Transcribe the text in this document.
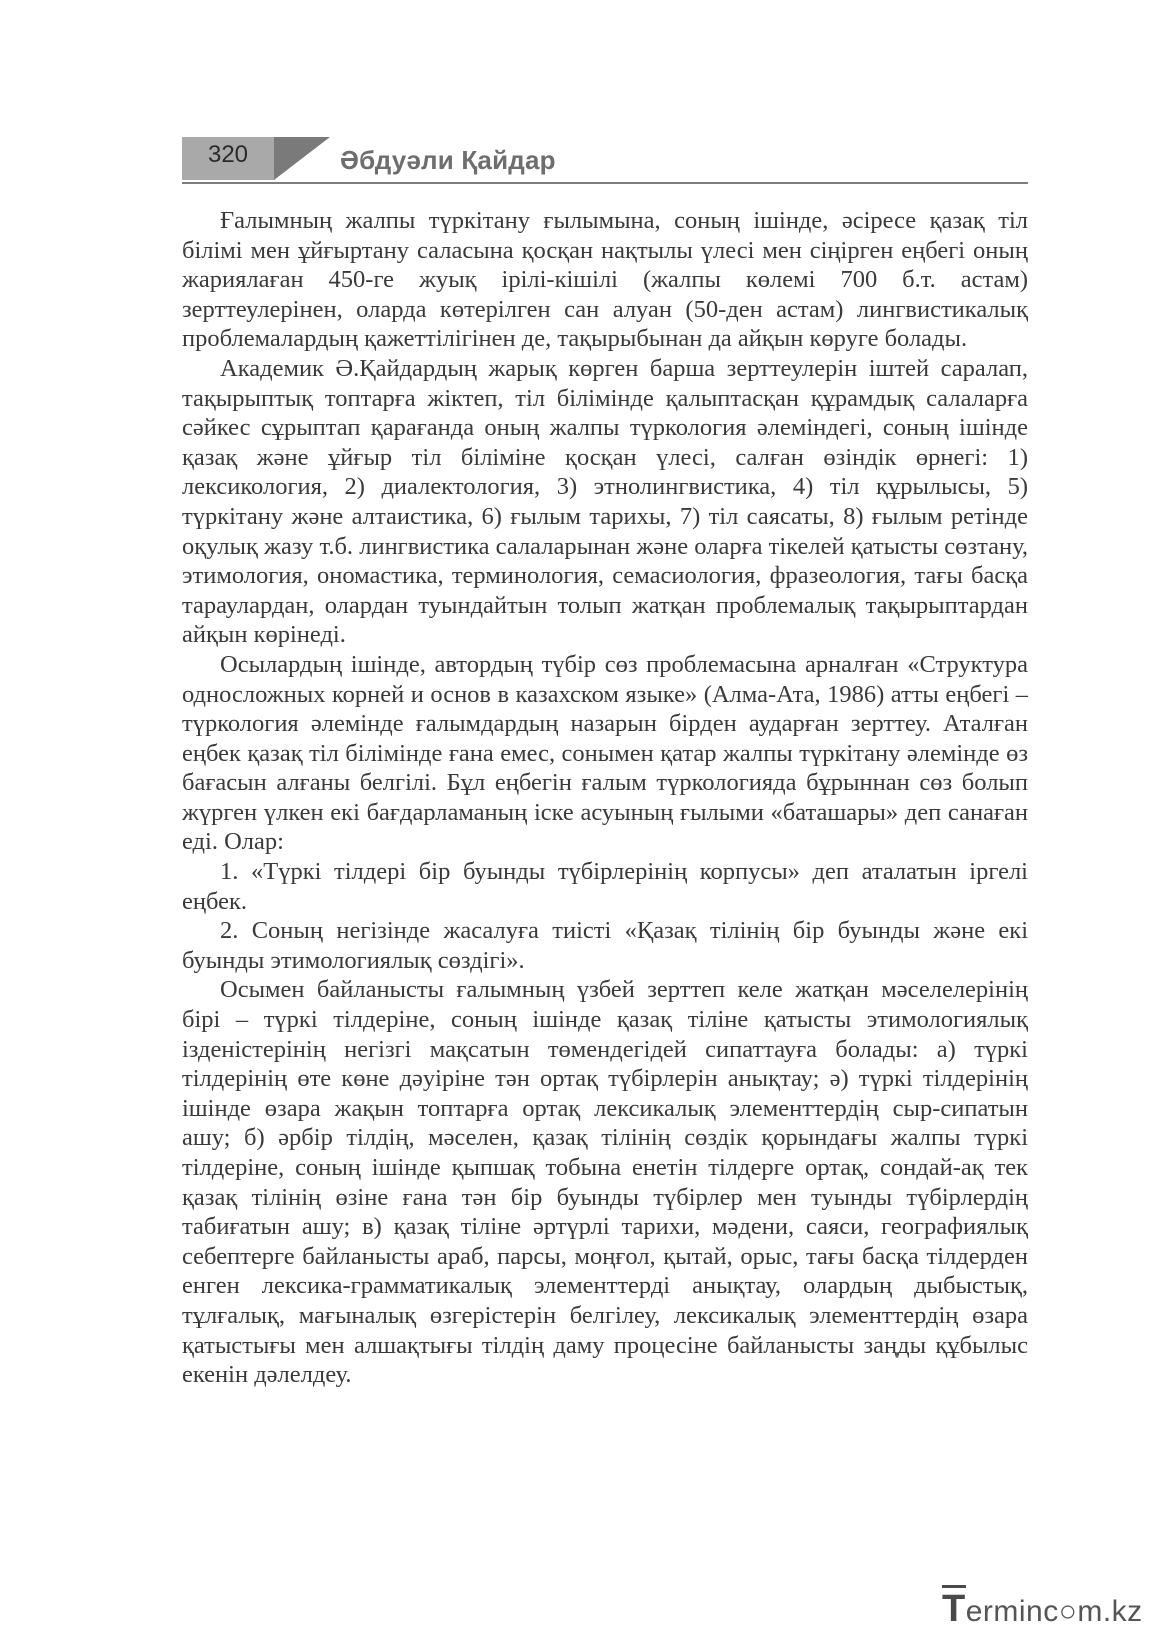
320	Әбдуәли Қайдар

Ғалымның жалпы түркітану ғылымына, соның ішінде, әсіресе қазақ тіл білімі мен ұйғыртану саласына қосқан нақтылы үлесі мен сіңірген еңбегі оның жариялаған 450-ге жуық ірілі-кішілі (жалпы көлемі 700 б.т. астам) зерттеулерінен, оларда көтерілген сан алуан (50-ден астам) лингвистикалық проблемалардың қажеттілігінен де, тақырыбынан да айқын көруге болады.

Академик Ә.Қайдардың жарық көрген барша зерттеулерін іштей саралап, тақырыптық топтарға жіктеп, тіл білімінде қалыптасқан құрамдық салаларға сәйкес сұрыптап қарағанда оның жалпы түркология әлеміндегі, соның ішінде қазақ және ұйғыр тіл біліміне қосқан үлесі, салған өзіндік өрнегі: 1) лексикология, 2) диалектология, 3) этнолингвистика, 4) тіл құрылысы, 5) түркітану және алтаистика, 6) ғылым тарихы, 7) тіл саясаты, 8) ғылым ретінде оқулық жазу т.б. лингвистика салаларынан және оларға тікелей қатысты сөзтану, этимология, ономастика, терминология, семасиология, фразеология, тағы басқа тараулардан, олардан туындайтын толып жатқан проблемалық тақырыптардан айқын көрінеді.

Осылардың ішінде, автордың түбір сөз проблемасына арналған «Структура односложных корней и основ в казахском языке» (Алма-Ата, 1986) атты еңбегі – түркология әлемінде ғалымдардың назарын бірден аударған зерттеу. Аталған еңбек қазақ тіл білімінде ғана емес, сонымен қатар жалпы түркітану әлемінде өз бағасын алғаны белгілі. Бұл еңбегін ғалым түркологияда бұрыннан сөз болып жүрген үлкен екі бағдарламаның іске асуының ғылыми «баташары» деп санаған еді. Олар:

1. «Түркі тілдері бір буынды түбірлерінің корпусы» деп аталатын іргелі еңбек.

2. Соның негізінде жасалуға тиісті «Қазақ тілінің бір буынды және екі буынды этимологиялық сөздігі».

Осымен байланысты ғалымның үзбей зерттеп келе жатқан мәселелерінің бірі – түркі тілдеріне, соның ішінде қазақ тіліне қатысты этимологиялық ізденістерінің негізгі мақсатын төмендегідей сипаттауға болады: а) түркі тілдерінің өте көне дәуіріне тән ортақ түбірлерін анықтау; ә) түркі тілдерінің ішінде өзара жақын топтарға ортақ лексикалық элементтердің сыр-сипатын ашу; б) әрбір тілдің, мәселен, қазақ тілінің сөздік қорындағы жалпы түркі тілдеріне, соның ішінде қыпшақ тобына енетін тілдерге ортақ, сондай-ақ тек қазақ тілінің өзіне ғана тән бір буынды түбірлер мен туынды түбірлердің табиғатын ашу; в) қазақ тіліне әртүрлі тарихи, мәдени, саяси, географиялық себептерге байланысты араб, парсы, моңғол, қытай, орыс, тағы басқа тілдерден енген лексика-грамматикалық элементтерді анықтау, олардың дыбыстық, тұлғалық, мағыналық өзгерістерін белгілеу, лексикалық элементтердің өзара қатыстығы мен алшақтығы тілдің даму процесіне байланысты заңды құбылыс екенін дәлелдеу.

Terminc○m.kz
